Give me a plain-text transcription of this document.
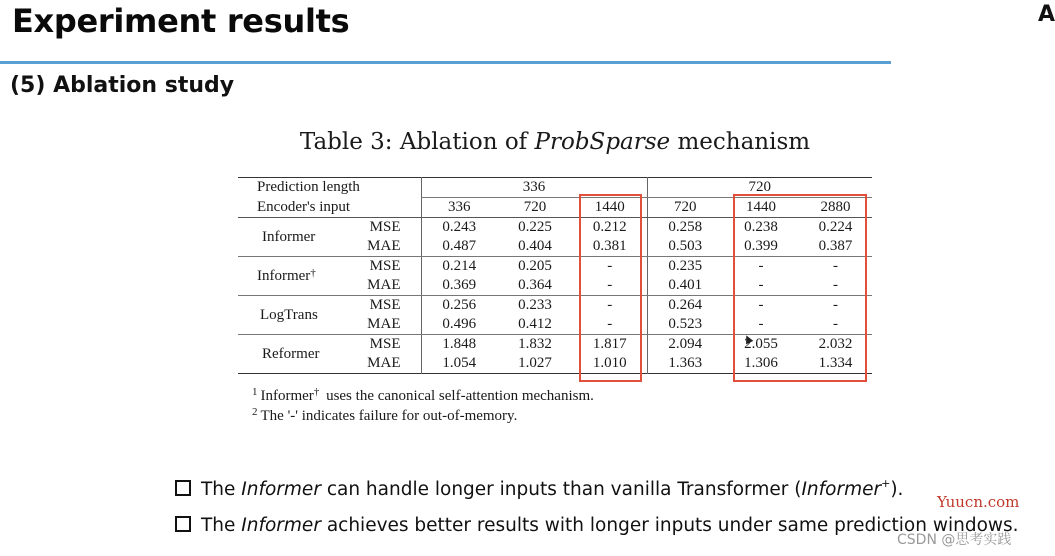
Experiment results	A
(5) Ablation study
Table 3: Ablation of ProbSparse mechanism
Prediction length		336			720		
Encoder's input		336	720	1440	720	1440	2880
Informer	MSE	0.243	0.225	0.212	0.258	0.238	0.224
	MAE	0.487	0.404	0.381	0.503	0.399	0.387
Informer†	MSE	0.214	0.205	-	0.235	-	-
	MAE	0.369	0.364	-	0.401	-	-
LogTrans	MSE	0.256	0.233	-	0.264	-	-
	MAE	0.496	0.412	-	0.523	-	-
Reformer	MSE	1.848	1.832	1.817	2.094	2.055	2.032
	MAE	1.054	1.027	1.010	1.363	1.306	1.334
$^1$ Informer† uses the canonical self-attention mechanism.
$^2$ The '-' indicates failure for out-of-memory.
The Informer can handle longer inputs than vanilla Transformer (Informer+).
The Informer achieves better results with longer inputs under same prediction windows.
Yuucn.com
CSDN @思考实践
